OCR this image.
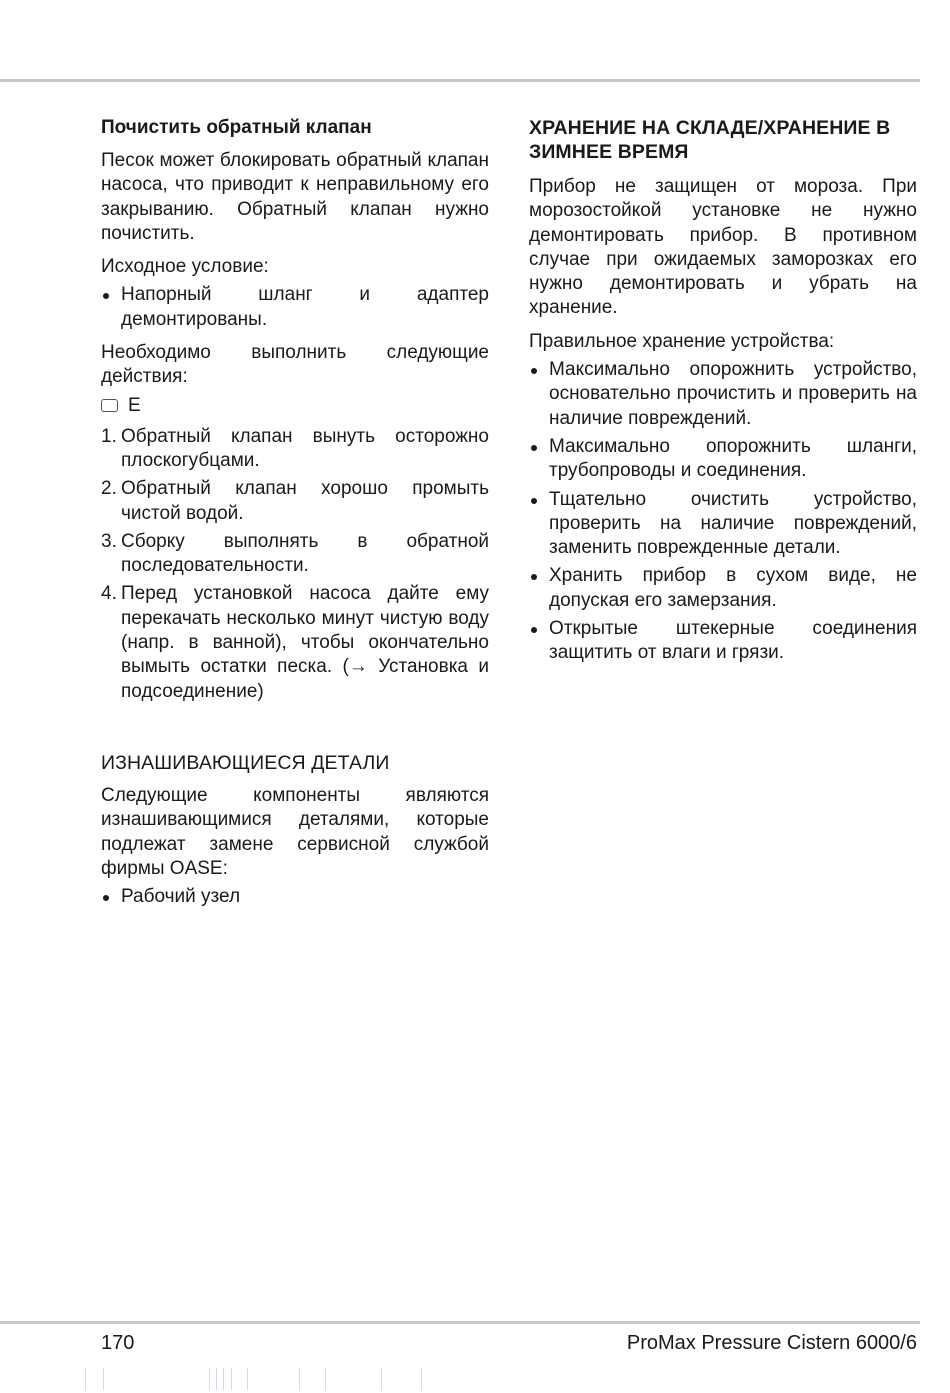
Почистить обратный клапан

Песок может блокировать обратный клапан насоса, что приводит к неправильному его закрыванию. Обратный клапан нужно почистить.

Исходное условие:

Напорный шланг и адаптер демонтированы.

Необходимо выполнить следующие действия:

E
1. Обратный клапан вынуть осторожно плоскогубцами.
2. Обратный клапан хорошо промыть чистой водой.
3. Сборку выполнять в обратной последовательности.
4. Перед установкой насоса дайте ему перекачать несколько минут чистую воду (напр. в ванной), чтобы окончательно вымыть остатки песка. (→ Установка и подсоединение)
ИЗНАШИВАЮЩИЕСЯ ДЕТАЛИ

Следующие компоненты являются изнашивающимися деталями, которые подлежат замене сервисной службой фирмы OASE:

Рабочий узел
ХРАНЕНИЕ НА СКЛАДЕ/ХРАНЕНИЕ В ЗИМНЕЕ ВРЕМЯ

Прибор не защищен от мороза. При морозостойкой установке не нужно демонтировать прибор. В противном случае при ожидаемых заморозках его нужно демонтировать и убрать на хранение.

Правильное хранение устройства:

Максимально опорожнить устройство, основательно прочистить и проверить на наличие повреждений.
Максимально опорожнить шланги, трубопроводы и соединения.
Тщательно очистить устройство, проверить на наличие повреждений, заменить поврежденные детали.
Хранить прибор в сухом виде, не допуская его замерзания.
Открытые штекерные соединения защитить от влаги и грязи.
170	ProMax Pressure Cistern 6000/6
